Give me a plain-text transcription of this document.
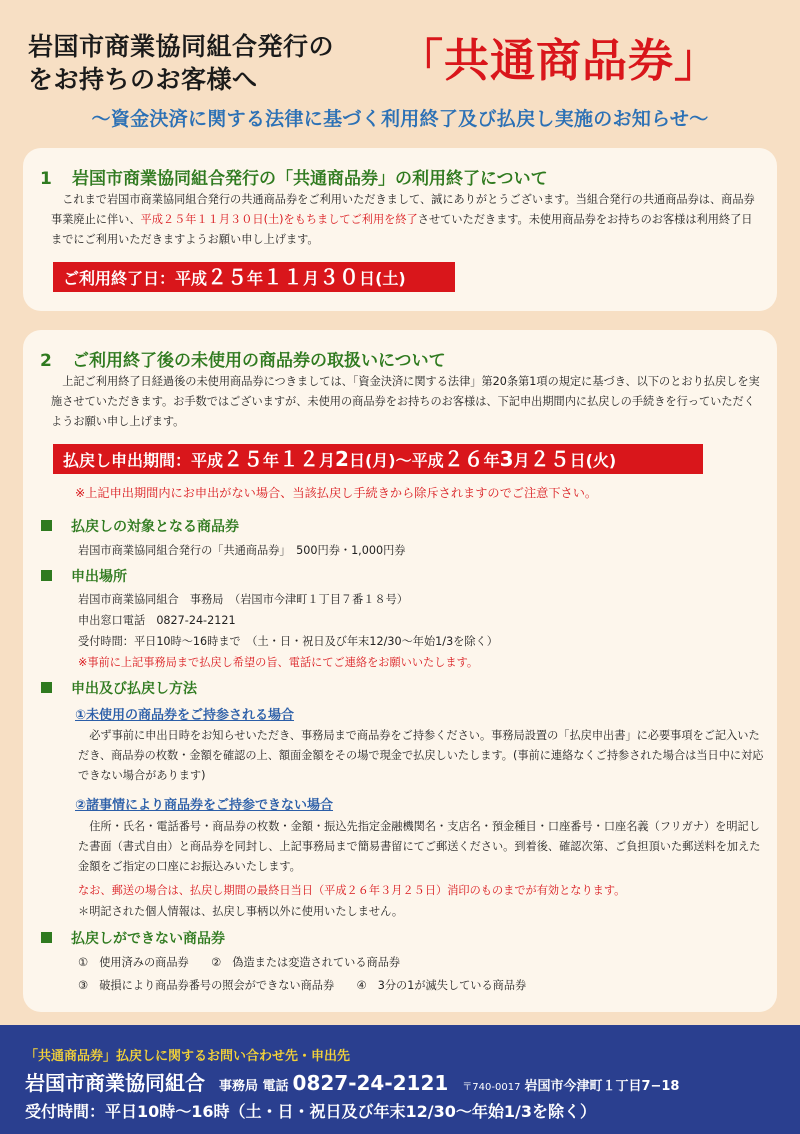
岩国市商業協同組合発行の
をお持ちのお客様へ	「共通商品券」
～資金決済に関する法律に基づく利用終了及び払戻し実施のお知らせ～
1 岩国市商業協同組合発行の「共通商品券」の利用終了について
これまで岩国市商業協同組合発行の共通商品券をご利用いただきまして、誠にありがとうございます。当組合発行の共通商品券は、商品券事業廃止に伴い、平成２５年１１月３０日(土)をもちましてご利用を終了させていただきます。未使用商品券をお持ちのお客様は利用終了日までにご利用いただきますようお願い申し上げます。
ご利用終了日：平成２５年１１月３０日(土)
2 ご利用終了後の未使用の商品券の取扱いについて
上記ご利用終了日経過後の未使用商品券につきましては、「資金決済に関する法律」第20条第1項の規定に基づき、以下のとおり払戻しを実施させていただきます。お手数ではございますが、未使用の商品券をお持ちのお客様は、下記申出期間内に払戻しの手続きを行っていただくようお願い申し上げます。
払戻し申出期間：平成２５年１２月2日(月)～平成２６年3月２５日(火)
※上記申出期間内にお申出がない場合、当該払戻し手続きから除斥されますのでご注意下さい。
払戻しの対象となる商品券
岩国市商業協同組合発行の「共通商品券」　500円券・1,000円券
申出場所
岩国市商業協同組合　事務局　（岩国市今津町１丁目７番１８号）
申出窓口電話　0827-24-2121
受付時間：平日10時～16時まで　（土・日・祝日及び年末12/30～年始1/3を除く）
※事前に上記事務局まで払戻し希望の旨、電話にてご連絡をお願いいたします。
申出及び払戻し方法
①未使用の商品券をご持参される場合
必ず事前に申出日時をお知らせいただき、事務局まで商品券をご持参ください。事務局設置の「払戻申出書」に必要事項をご記入いただき、商品券の枚数・金額を確認の上、額面金額をその場で現金で払戻しいたします。(事前に連絡なくご持参された場合は当日中に対応できない場合があります)
②諸事情により商品券をご持参できない場合
住所・氏名・電話番号・商品券の枚数・金額・振込先指定金融機関名・支店名・預金種目・口座番号・口座名義（フリガナ）を明記した書面（書式自由）と商品券を同封し、上記事務局まで簡易書留にてご郵送ください。到着後、確認次第、ご負担頂いた郵送料を加えた金額をご指定の口座にお振込みいたします。
なお、郵送の場合は、払戻し期間の最終日当日（平成２６年３月２５日）消印のものまでが有効となります。
＊明記された個人情報は、払戻し事柄以外に使用いたしません。
払戻しができない商品券
①　使用済みの商品券　　②　偽造または変造されている商品券
③　破損により商品券番号の照会ができない商品券　　④　3分の1が滅失している商品券
「共通商品券」払戻しに関するお問い合わせ先・申出先
岩国市商業協同組合 事務局 電話 0827-24-2121 〒740-0017 岩国市今津町１丁目7−18
受付時間：平日10時～16時（土・日・祝日及び年末12/30～年始1/3を除く）
